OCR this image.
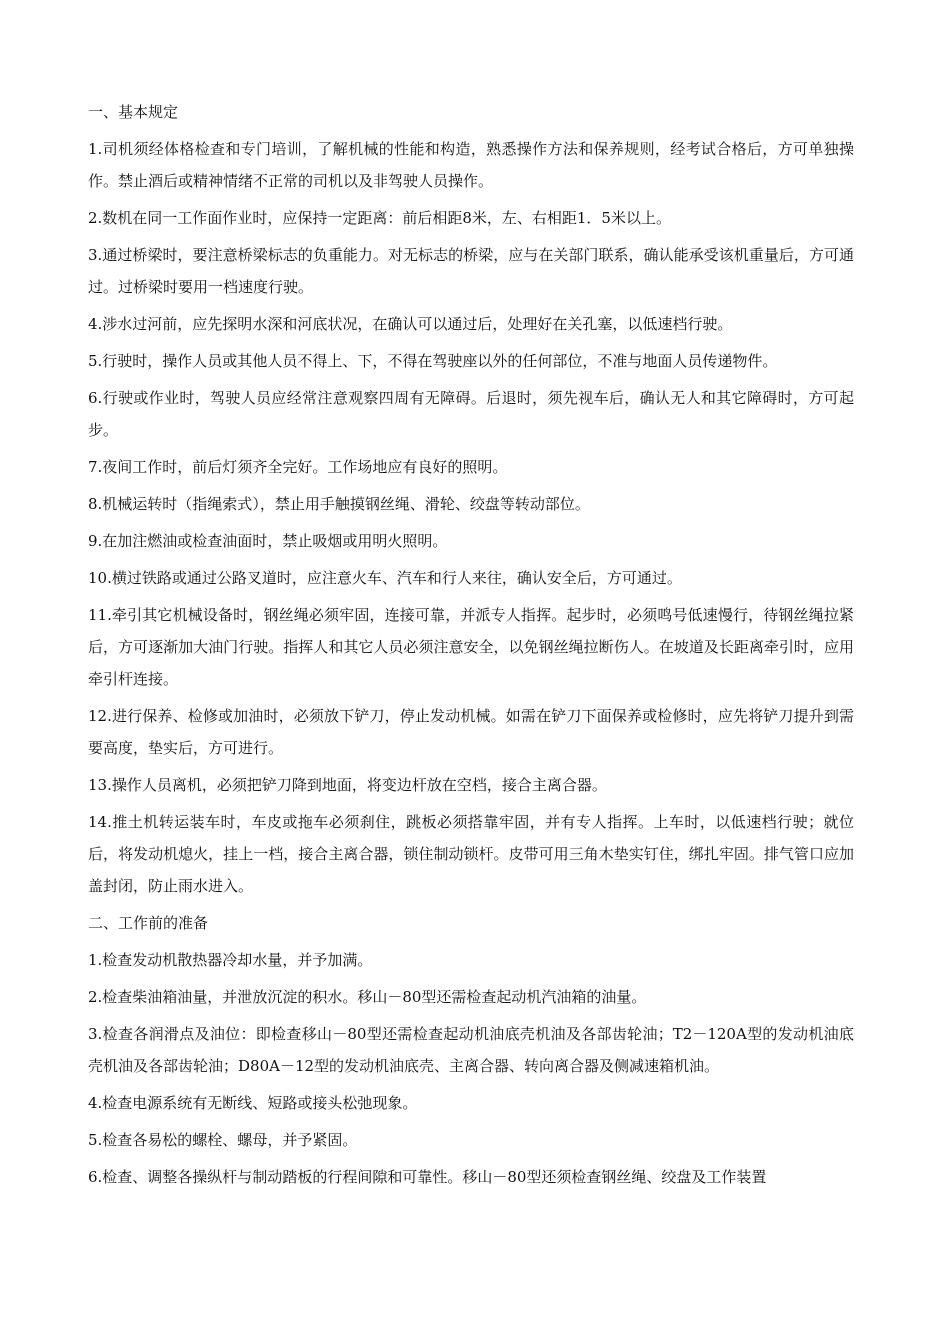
一、基本规定

1.司机须经体格检查和专门培训，了解机械的性能和构造，熟悉操作方法和保养规则，经考试合格后，方可单独操作。禁止酒后或精神情绪不正常的司机以及非驾驶人员操作。

2.数机在同一工作面作业时，应保持一定距离：前后相距8米，左、右相距1．5米以上。

3.通过桥梁时，要注意桥梁标志的负重能力。对无标志的桥梁，应与在关部门联系，确认能承受该机重量后，方可通过。过桥梁时要用一档速度行驶。

4.涉水过河前，应先探明水深和河底状况，在确认可以通过后，处理好在关孔塞，以低速档行驶。

5.行驶时，操作人员或其他人员不得上、下，不得在驾驶座以外的任何部位，不准与地面人员传递物件。

6.行驶或作业时，驾驶人员应经常注意观察四周有无障碍。后退时，须先视车后，确认无人和其它障碍时，方可起步。

7.夜间工作时，前后灯须齐全完好。工作场地应有良好的照明。

8.机械运转时（指绳索式），禁止用手触摸钢丝绳、滑轮、绞盘等转动部位。

9.在加注燃油或检查油面时，禁止吸烟或用明火照明。

10.横过铁路或通过公路叉道时，应注意火车、汽车和行人来往，确认安全后，方可通过。

11.牵引其它机械设备时，钢丝绳必须牢固，连接可靠，并派专人指挥。起步时，必须鸣号低速慢行，待钢丝绳拉紧后，方可逐渐加大油门行驶。指挥人和其它人员必须注意安全，以免钢丝绳拉断伤人。在坡道及长距离牵引时，应用牵引杆连接。

12.进行保养、检修或加油时，必须放下铲刀，停止发动机械。如需在铲刀下面保养或检修时，应先将铲刀提升到需要高度，垫实后，方可进行。

13.操作人员离机，必须把铲刀降到地面，将变边杆放在空档，接合主离合器。

14.推土机转运装车时，车皮或拖车必须刹住，跳板必须搭靠牢固，并有专人指挥。上车时，以低速档行驶；就位后，将发动机熄火，挂上一档，接合主离合器，锁住制动锁杆。皮带可用三角木垫实钉住，绑扎牢固。排气管口应加盖封闭，防止雨水进入。

二、工作前的准备

1.检查发动机散热器冷却水量，并予加满。

2.检查柴油箱油量，并泄放沉淀的积水。移山－80型还需检查起动机汽油箱的油量。

3.检查各润滑点及油位：即检查移山－80型还需检查起动机油底壳机油及各部齿轮油；T2－120A型的发动机油底壳机油及各部齿轮油；D80A－12型的发动机油底壳、主离合器、转向离合器及侧减速箱机油。

4.检查电源系统有无断线、短路或接头松弛现象。

5.检查各易松的螺栓、螺母，并予紧固。

6.检查、调整各操纵杆与制动踏板的行程间隙和可靠性。移山－80型还须检查钢丝绳、绞盘及工作装置
